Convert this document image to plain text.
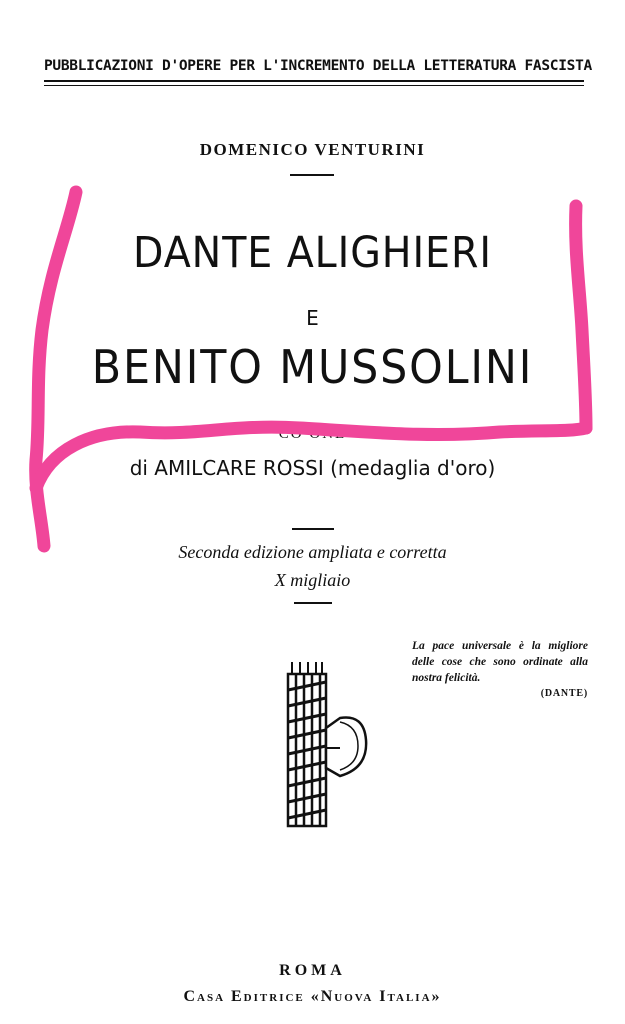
PUBBLICAZIONI D'OPERE PER L'INCREMENTO DELLA LETTERATURA FASCISTA
DOMENICO VENTURINI
DANTE ALIGHIERI
E
BENITO MUSSOLINI
CO ONE
di AMILCARE ROSSI (medaglia d'oro)
Seconda edizione ampliata e corretta
X migliaio
La pace universale è la migliore delle cose che sono ordinate alla nostra felicità.
(DANTE)
ROMA
Casa Editrice «Nuova Italia»
